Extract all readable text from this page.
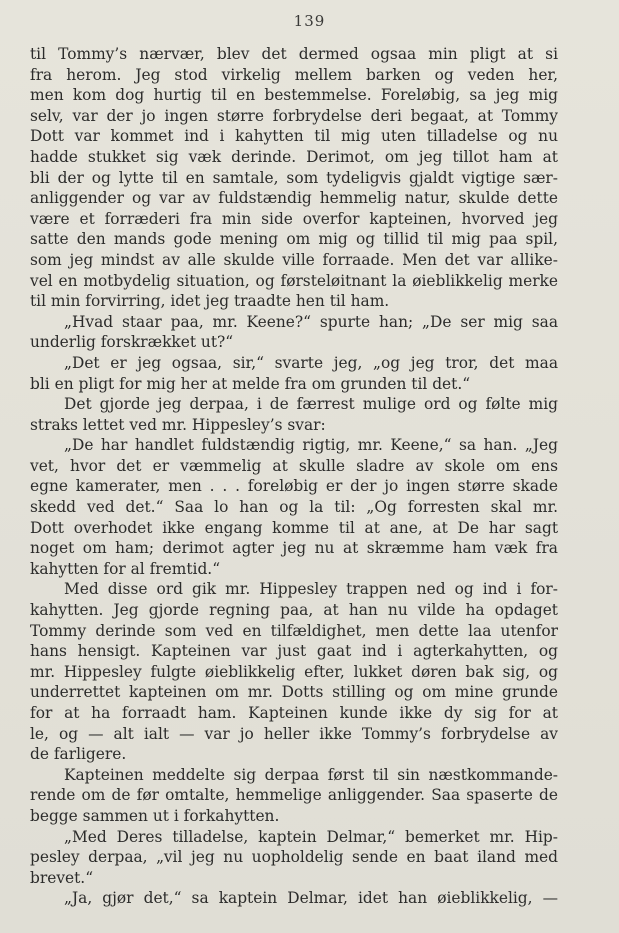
139
til Tommy’s nærvær, blev det dermed ogsaa min pligt at si
fra herom. Jeg stod virkelig mellem barken og veden her,
men kom dog hurtig til en bestemmelse. Foreløbig, sa jeg mig
selv, var der jo ingen større forbrydelse deri begaat, at Tommy
Dott var kommet ind i kahytten til mig uten tilladelse og nu
hadde stukket sig væk derinde. Derimot, om jeg tillot ham at
bli der og lytte til en samtale, som tydeligvis gjaldt vigtige sær-
anliggender og var av fuldstændig hemmelig natur, skulde dette
være et forræderi fra min side overfor kapteinen, hvorved jeg
satte den mands gode mening om mig og tillid til mig paa spil,
som jeg mindst av alle skulde ville forraade. Men det var allike-
vel en motbydelig situation, og førsteløitnant la øieblikkelig merke
til min forvirring, idet jeg traadte hen til ham.
„Hvad staar paa, mr. Keene?“ spurte han; „De ser mig saa
underlig forskrækket ut?“
„Det er jeg ogsaa, sir,“ svarte jeg, „og jeg tror, det maa
bli en pligt for mig her at melde fra om grunden til det.“
Det gjorde jeg derpaa, i de færrest mulige ord og følte mig
straks lettet ved mr. Hippesley’s svar:
„De har handlet fuldstændig rigtig, mr. Keene,“ sa han. „Jeg
vet, hvor det er væmmelig at skulle sladre av skole om ens
egne kamerater, men . . . foreløbig er der jo ingen større skade
skedd ved det.“ Saa lo han og la til: „Og forresten skal mr.
Dott overhodet ikke engang komme til at ane, at De har sagt
noget om ham; derimot agter jeg nu at skræmme ham væk fra
kahytten for al fremtid.“
Med disse ord gik mr. Hippesley trappen ned og ind i for-
kahytten. Jeg gjorde regning paa, at han nu vilde ha opdaget
Tommy derinde som ved en tilfældighet, men dette laa utenfor
hans hensigt. Kapteinen var just gaat ind i agterkahytten, og
mr. Hippesley fulgte øieblikkelig efter, lukket døren bak sig, og
underrettet kapteinen om mr. Dotts stilling og om mine grunde
for at ha forraadt ham. Kapteinen kunde ikke dy sig for at
le, og — alt ialt — var jo heller ikke Tommy’s forbrydelse av
de farligere.
Kapteinen meddelte sig derpaa først til sin næstkommande-
rende om de før omtalte, hemmelige anliggender. Saa spaserte de
begge sammen ut i forkahytten.
„Med Deres tilladelse, kaptein Delmar,“ bemerket mr. Hip-
pesley derpaa, „vil jeg nu uopholdelig sende en baat iland med
brevet.“
„Ja, gjør det,“ sa kaptein Delmar, idet han øieblikkelig, —
